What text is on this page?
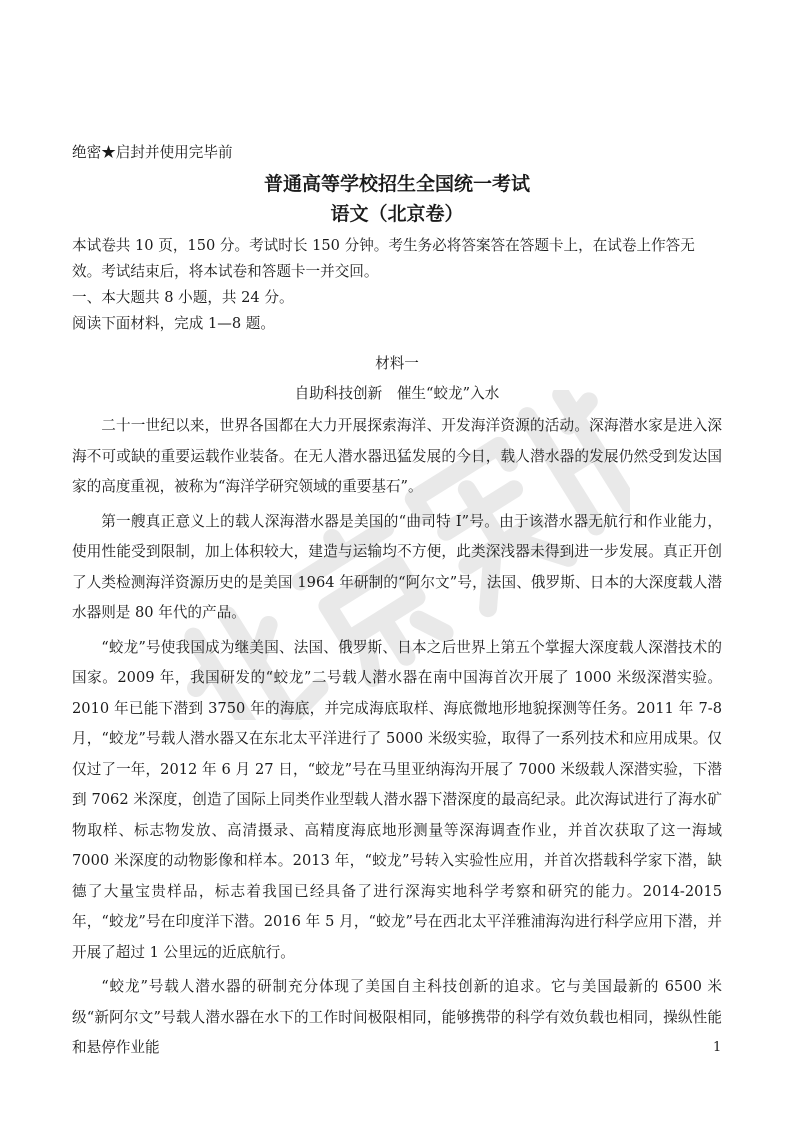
绝密★启封并使用完毕前

普通高等学校招生全国统一考试

语文（北京卷）

本试卷共 10 页，150 分。考试时长 150 分钟。考生务必将答案答在答题卡上，在试卷上作答无效。考试结束后，将本试卷和答题卡一并交回。

一、本大题共 8 小题，共 24 分。

阅读下面材料，完成 1—8 题。

材料一

自助科技创新　催生“蛟龙”入水

二十一世纪以来，世界各国都在大力开展探索海洋、开发海洋资源的活动。深海潜水家是进入深海不可或缺的重要运载作业装备。在无人潜水器迅猛发展的今日，载人潜水器的发展仍然受到发达国家的高度重视，被称为“海洋学研究领域的重要基石”。

第一艘真正意义上的载人深海潜水器是美国的“曲司特 I”号。由于该潜水器无航行和作业能力，使用性能受到限制，加上体积较大，建造与运输均不方便，此类深浅器未得到进一步发展。真正开创了人类检测海洋资源历史的是美国 1964 年研制的“阿尔文”号，法国、俄罗斯、日本的大深度载人潜水器则是 80 年代的产品。

“蛟龙”号使我国成为继美国、法国、俄罗斯、日本之后世界上第五个掌握大深度载人深潜技术的国家。2009 年，我国研发的“蛟龙”二号载人潜水器在南中国海首次开展了 1000 米级深潜实验。2010 年已能下潜到 3750 年的海底，并完成海底取样、海底微地形地貌探测等任务。2011 年 7-8 月，“蛟龙”号载人潜水器又在东北太平洋进行了 5000 米级实验，取得了一系列技术和应用成果。仅仅过了一年，2012 年 6 月 27 日，“蛟龙”号在马里亚纳海沟开展了 7000 米级载人深潜实验，下潜到 7062 米深度，创造了国际上同类作业型载人潜水器下潜深度的最高纪录。此次海试进行了海水矿物取样、标志物发放、高清摄录、高精度海底地形测量等深海调查作业，并首次获取了这一海域 7000 米深度的动物影像和样本。2013 年，“蛟龙”号转入实验性应用，并首次搭载科学家下潜，缺德了大量宝贵样品，标志着我国已经具备了进行深海实地科学考察和研究的能力。2014-2015 年，“蛟龙”号在印度洋下潜。2016 年 5 月，“蛟龙”号在西北太平洋雅浦海沟进行科学应用下潜，并开展了超过 1 公里远的近底航行。

“蛟龙”号载人潜水器的研制充分体现了美国自主科技创新的追求。它与美国最新的 6500 米级“新阿尔文”号载人潜水器在水下的工作时间极限相同，能够携带的科学有效负载也相同，操纵性能和悬停作业能	1
